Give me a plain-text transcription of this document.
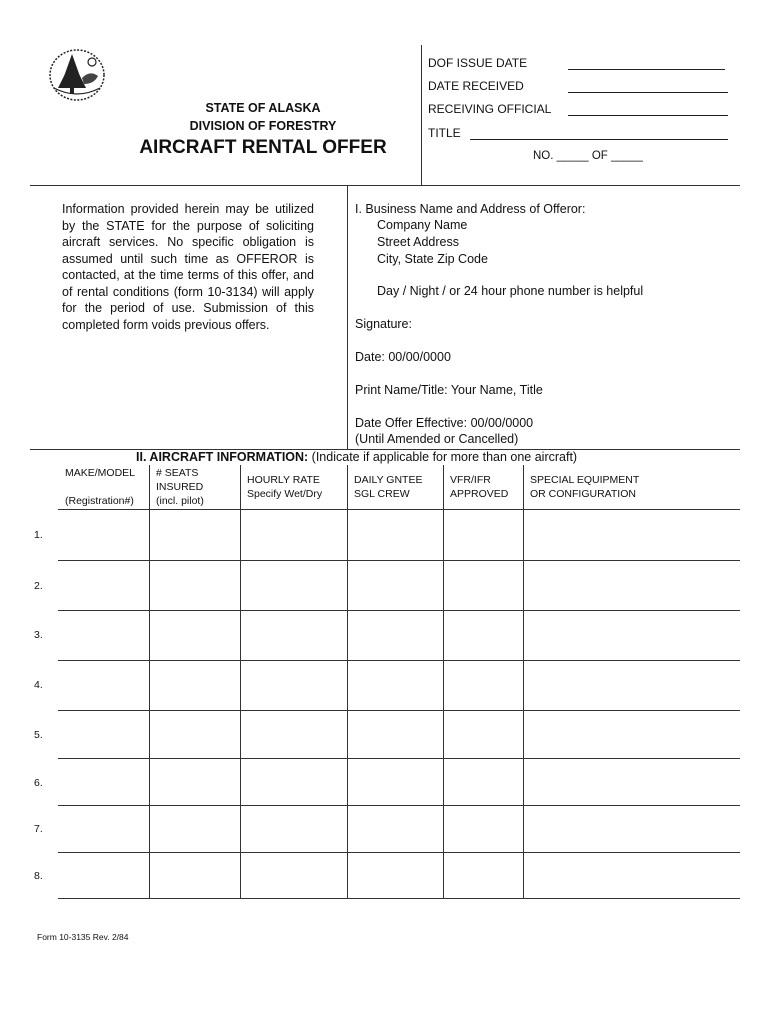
STATE OF ALASKA
DIVISION OF FORESTRY
AIRCRAFT RENTAL OFFER
DOF ISSUE DATE
DATE RECEIVED
RECEIVING OFFICIAL
TITLE
NO. _____ OF _____
Information provided herein may be utilized by the STATE for the purpose of soliciting aircraft services. No specific obligation is assumed until such time as OFFEROR is contacted, at the time terms of this offer, and of rental conditions (form 10-3134) will apply for the period of use. Submission of this completed form voids previous offers.
I. Business Name and Address of Offeror:
Company Name
Street Address
City, State Zip Code
Day / Night / or 24 hour phone number is helpful
Signature:
Date: 00/00/0000
Print Name/Title: Your Name, Title
Date Offer Effective: 00/00/0000
(Until Amended or Cancelled)
II. AIRCRAFT INFORMATION: (Indicate if applicable for more than one aircraft)
MAKE/MODEL
(Registration#)
# SEATS
INSURED
(incl. pilot)
HOURLY RATE
Specify Wet/Dry
DAILY GNTEE
SGL CREW
VFR/IFR
APPROVED
SPECIAL EQUIPMENT
OR CONFIGURATION
1.
2.
3.
4.
5.
6.
7.
8.
Form 10-3135 Rev. 2/84
